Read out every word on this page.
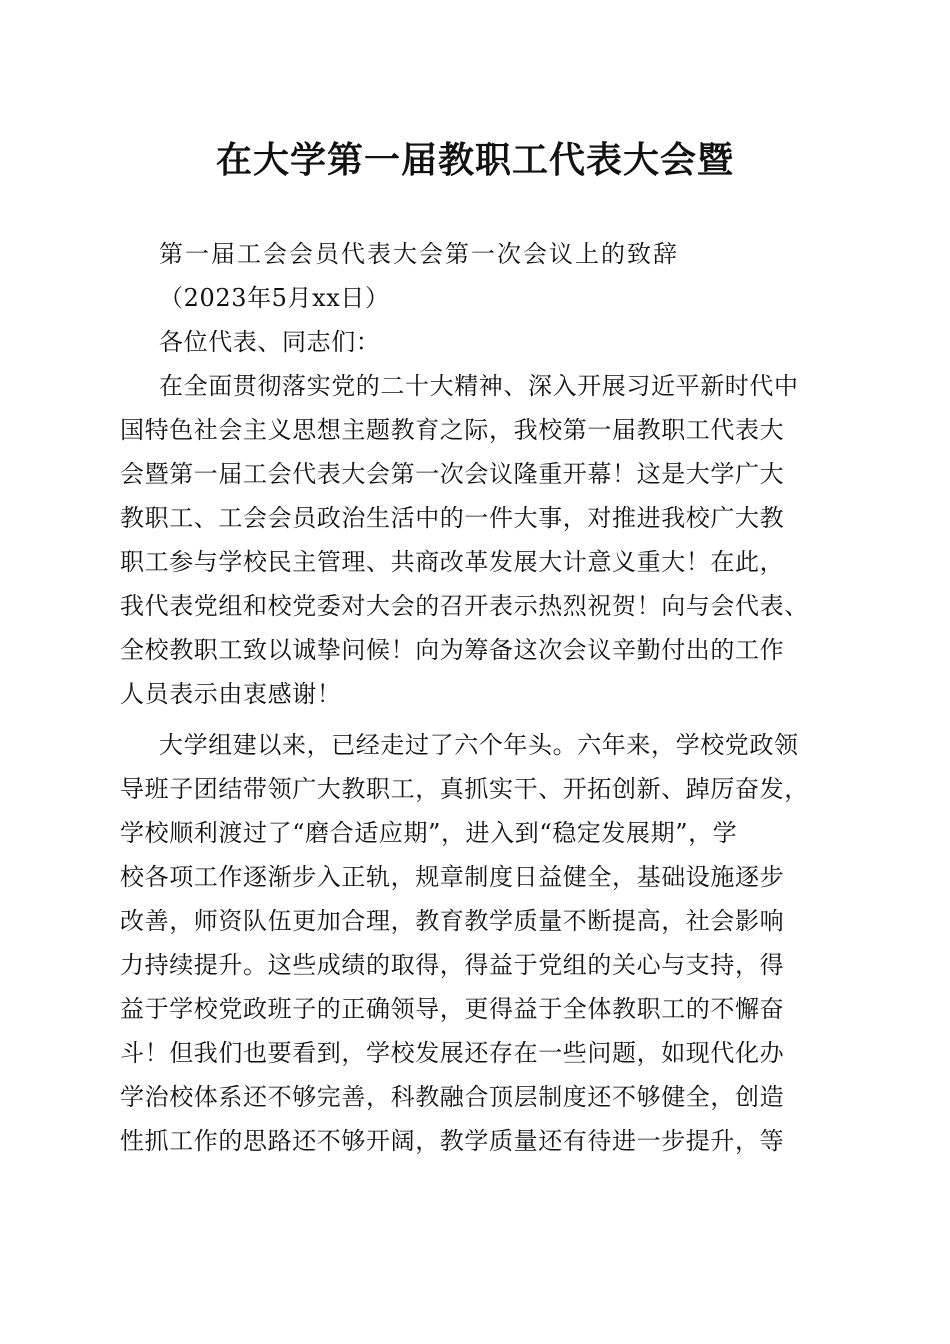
在大学第一届教职工代表大会暨
第一届工会会员代表大会第一次会议上的致辞
（2023年5月xx日）
各位代表、同志们：
在全面贯彻落实党的二十大精神、深入开展习近平新时代中
国特色社会主义思想主题教育之际，我校第一届教职工代表大
会暨第一届工会代表大会第一次会议隆重开幕！这是大学广大
教职工、工会会员政治生活中的一件大事，对推进我校广大教
职工参与学校民主管理、共商改革发展大计意义重大！在此，
我代表党组和校党委对大会的召开表示热烈祝贺！向与会代表、
全校教职工致以诚挚问候！向为筹备这次会议辛勤付出的工作
人员表示由衷感谢！
大学组建以来，已经走过了六个年头。六年来，学校党政领
导班子团结带领广大教职工，真抓实干、开拓创新、踔厉奋发，
学校顺利渡过了“磨合适应期”，进入到“稳定发展期”，学
校各项工作逐渐步入正轨，规章制度日益健全，基础设施逐步
改善，师资队伍更加合理，教育教学质量不断提高，社会影响
力持续提升。这些成绩的取得，得益于党组的关心与支持，得
益于学校党政班子的正确领导，更得益于全体教职工的不懈奋
斗！但我们也要看到，学校发展还存在一些问题，如现代化办
学治校体系还不够完善，科教融合顶层制度还不够健全，创造
性抓工作的思路还不够开阔，教学质量还有待进一步提升，等
